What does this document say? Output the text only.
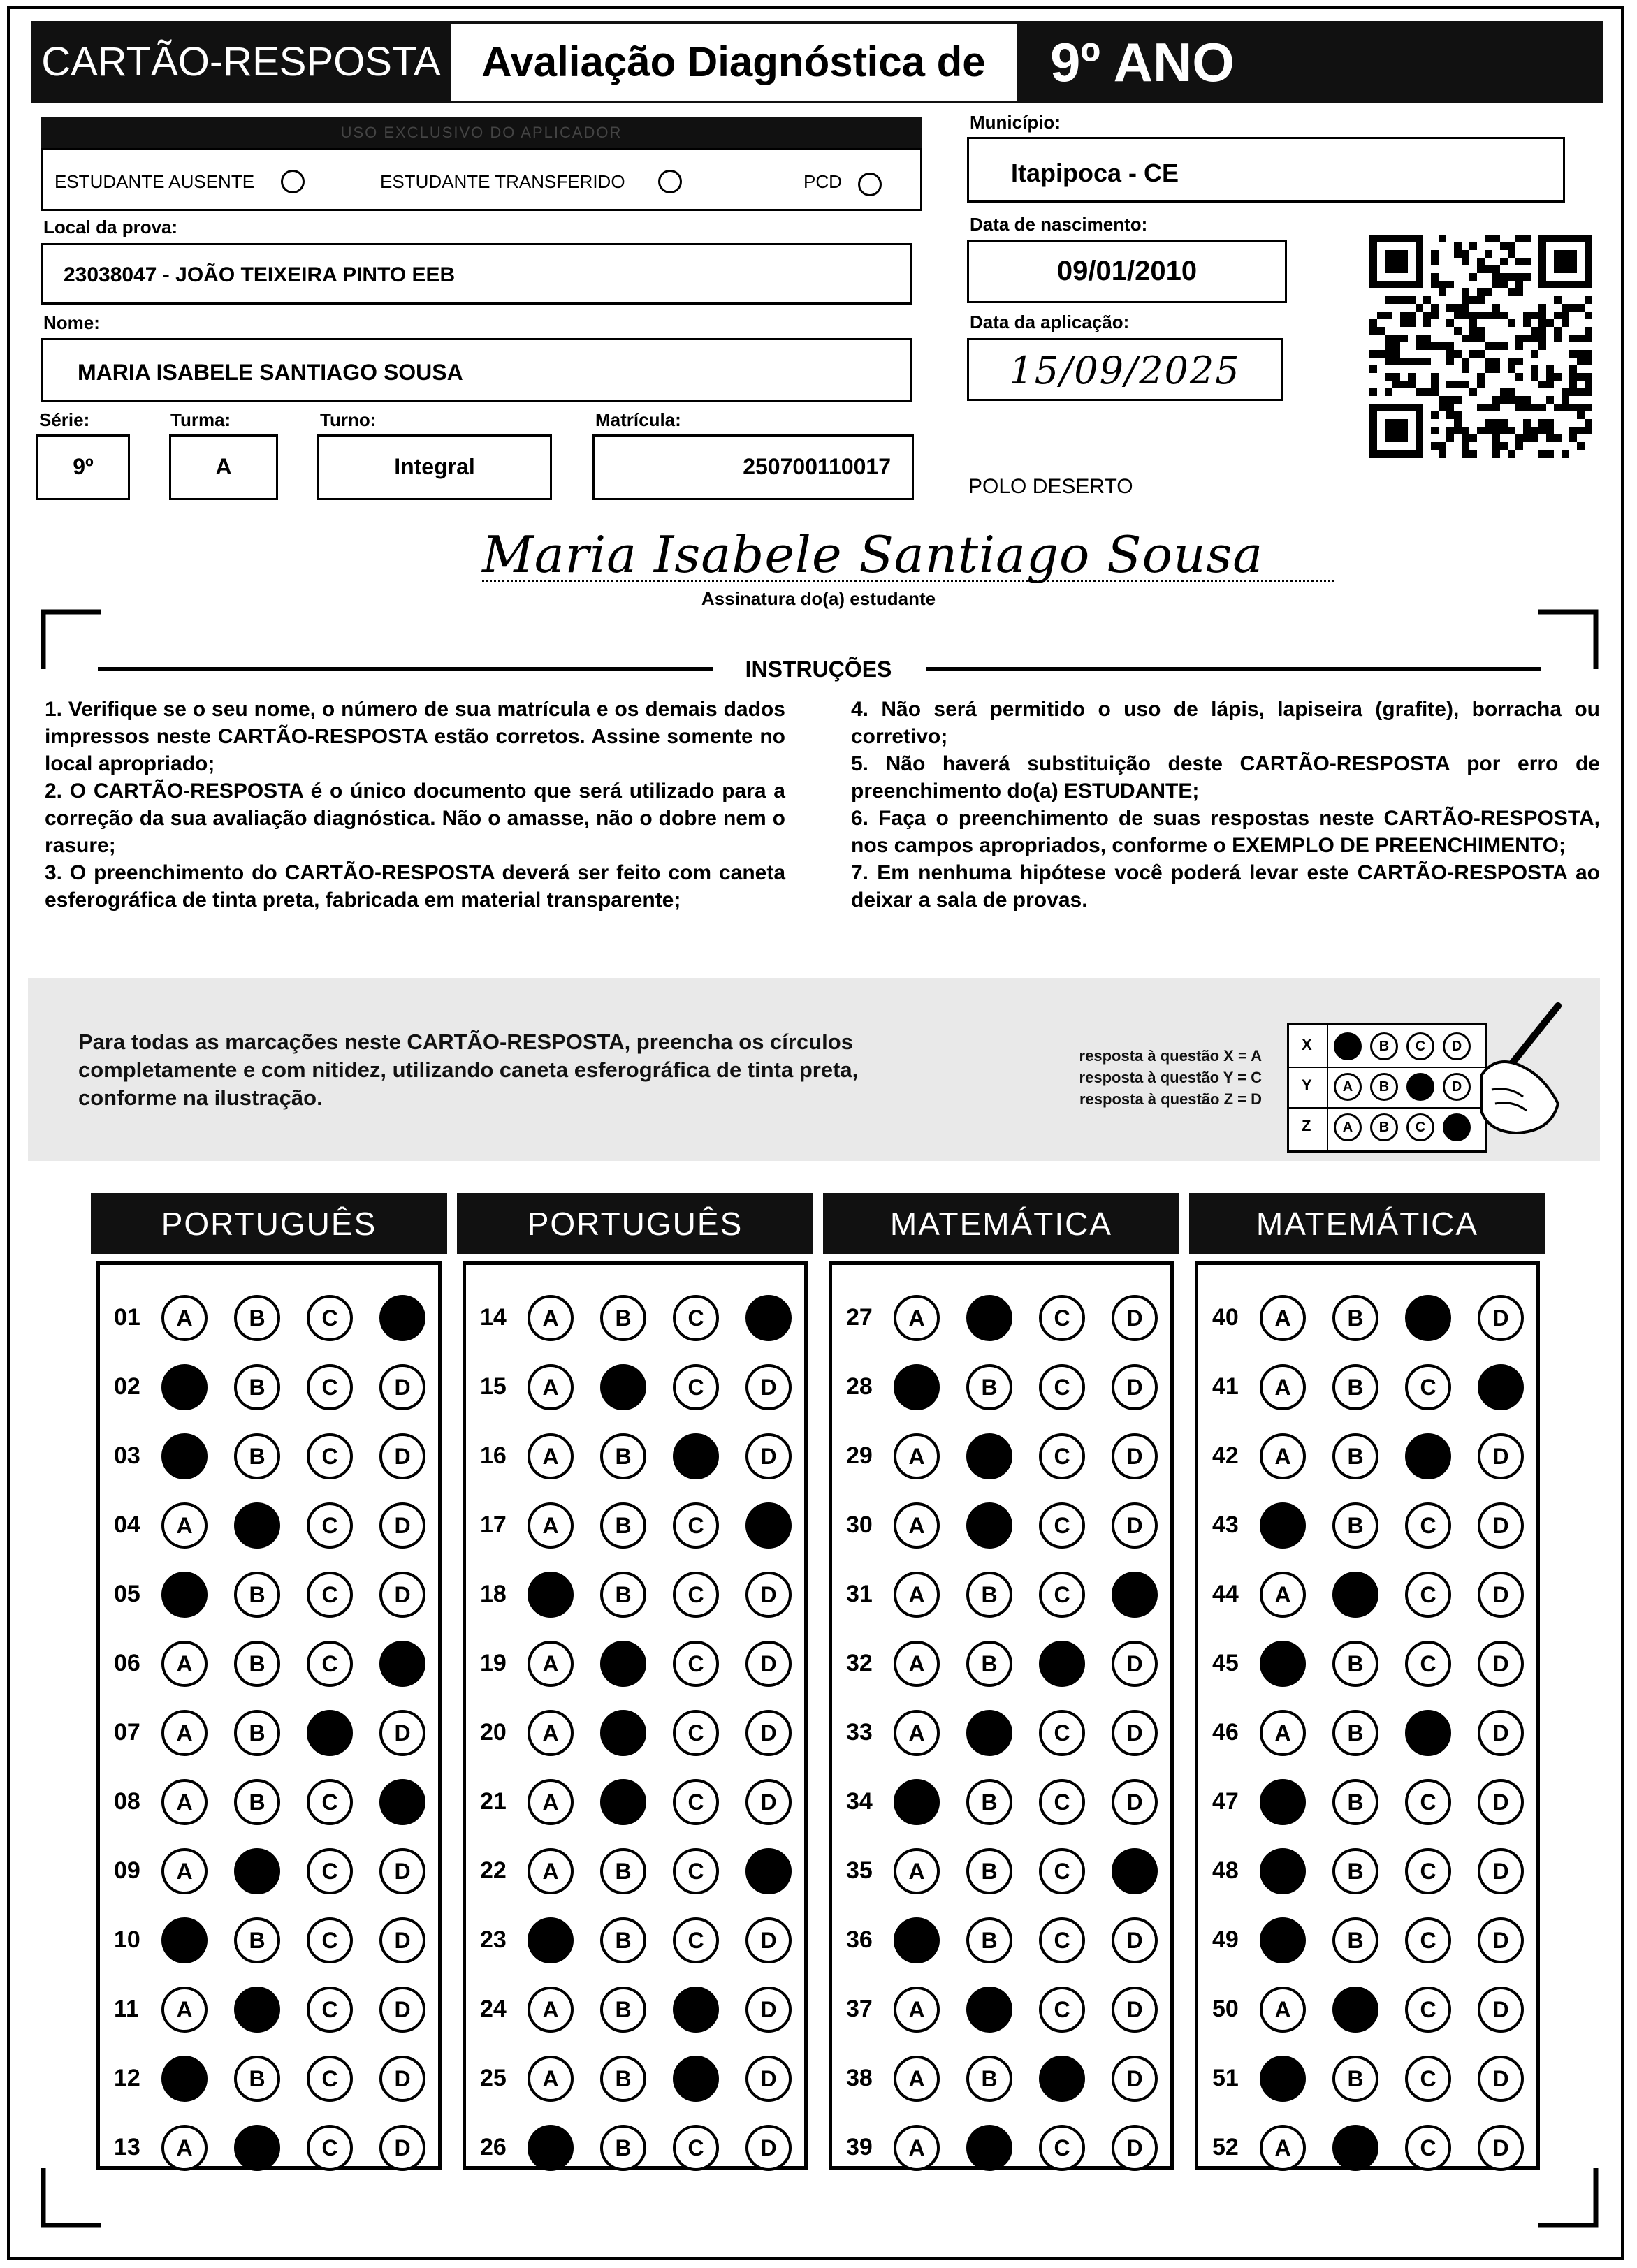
CARTÃO-RESPOSTA Avaliação Diagnóstica de	9º ANO
USO EXCLUSIVO DO APLICADOR
ESTUDANTE AUSENTE	ESTUDANTE TRANSFERIDO	PCD
Local da prova:
23038047 - JOÃO TEIXEIRA PINTO EEB
Nome:
MARIA ISABELE SANTIAGO SOUSA
Série:
9º
Turma:
A
Turno:
Integral
Matrícula:
250700110017
Município:
Itapipoca - CE
Data de nascimento:
09/01/2010
Data da aplicação:
15/09/2025
POLO DESERTO
Maria Isabele Santiago Sousa
Assinatura do(a) estudante
INSTRUÇÕES

1. Verifique se o seu nome, o número de sua matrícula e os demais dados impressos neste CARTÃO-RESPOSTA estão corretos. Assine somente no local apropriado;

2. O CARTÃO-RESPOSTA é o único documento que será utilizado para a correção da sua avaliação diagnóstica. Não o amasse, não o dobre nem o rasure;

3. O preenchimento do CARTÃO-RESPOSTA deverá ser feito com caneta esferográfica de tinta preta, fabricada em material transparente;

4. Não será permitido o uso de lápis, lapiseira (grafite), borracha ou corretivo;

5. Não haverá substituição deste CARTÃO-RESPOSTA por erro de preenchimento do(a) ESTUDANTE;

6. Faça o preenchimento de suas respostas neste CARTÃO-RESPOSTA, nos campos apropriados, conforme o EXEMPLO DE PREENCHIMENTO;

7. Em nenhuma hipótese você poderá levar este CARTÃO-RESPOSTA ao deixar a sala de provas.

Para todas as marcações neste CARTÃO-RESPOSTA, preencha os círculos completamente e com nitidez, utilizando caneta esferográfica de tinta preta, conforme na ilustração.
resposta à questão X = A
resposta à questão Y = C
resposta à questão Z = D
X	B	C	D
Y	A	B	D
Z	A	B	C
PORTUGUÊS
01	A	B	C	D
02	A	B	C	D
03	A	B	C	D
04	A	B	C	D
05	A	B	C	D
06	A	B	C	D
07	A	B	C	D
08	A	B	C	D
09	A	B	C	D
10	A	B	C	D
11	A	B	C	D
12	A	B	C	D
13	A	B	C	D
PORTUGUÊS
14	A	B	C	D
15	A	B	C	D
16	A	B	C	D
17	A	B	C	D
18	A	B	C	D
19	A	B	C	D
20	A	B	C	D
21	A	B	C	D
22	A	B	C	D
23	A	B	C	D
24	A	B	C	D
25	A	B	C	D
26	A	B	C	D
MATEMÁTICA
27	A	B	C	D
28	A	B	C	D
29	A	B	C	D
30	A	B	C	D
31	A	B	C	D
32	A	B	C	D
33	A	B	C	D
34	A	B	C	D
35	A	B	C	D
36	A	B	C	D
37	A	B	C	D
38	A	B	C	D
39	A	B	C	D
MATEMÁTICA
40	A	B	C	D
41	A	B	C	D
42	A	B	C	D
43	A	B	C	D
44	A	B	C	D
45	A	B	C	D
46	A	B	C	D
47	A	B	C	D
48	A	B	C	D
49	A	B	C	D
50	A	B	C	D
51	A	B	C	D
52	A	B	C	D
